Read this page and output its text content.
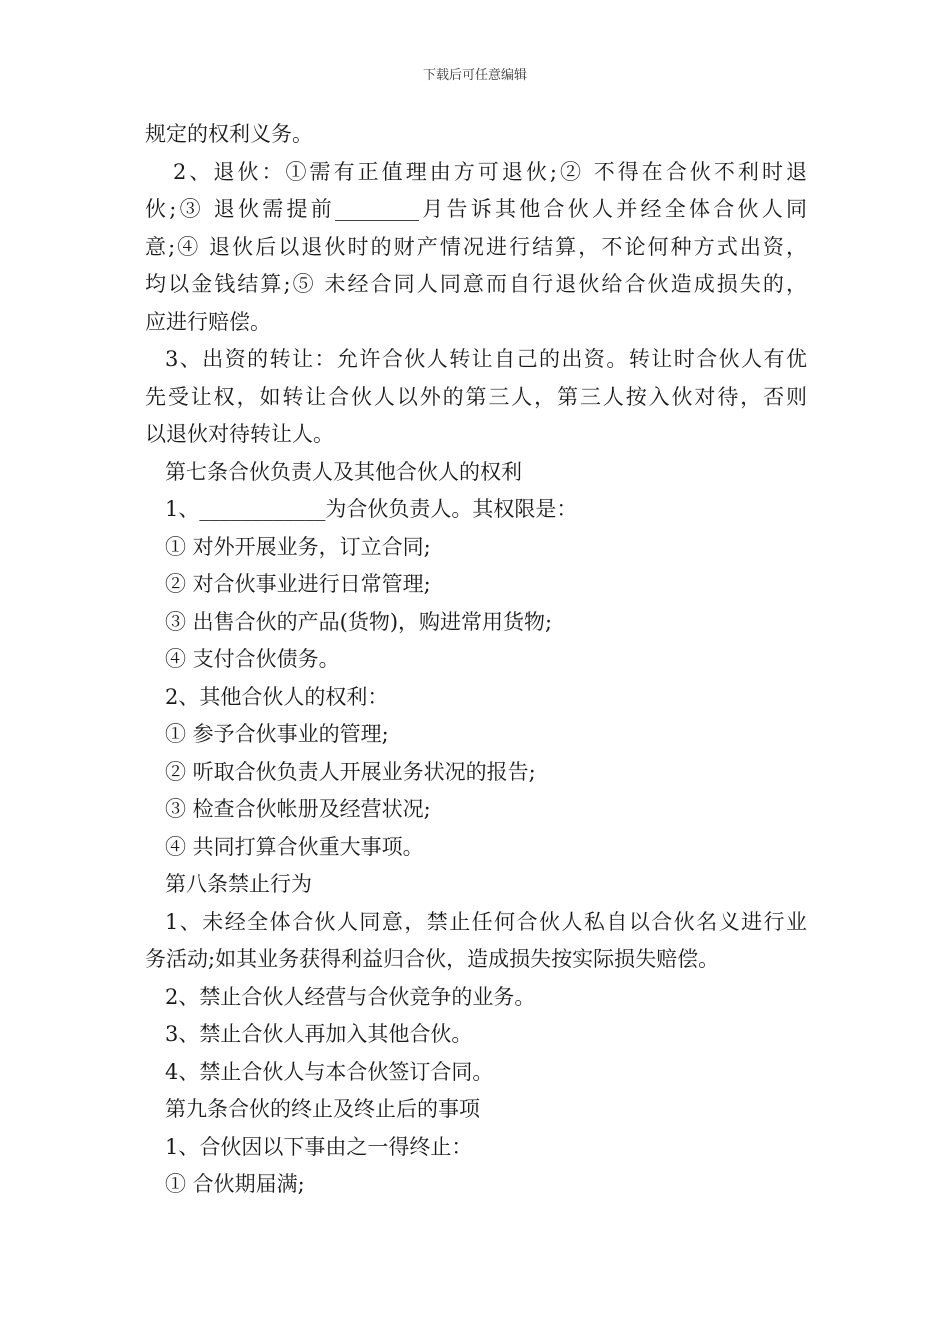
下载后可任意编辑
规定的权利义务。
2、退伙：①需有正值理由方可退伙;② 不得在合伙不利时退
伙;③ 退伙需提前________月告诉其他合伙人并经全体合伙人同
意;④ 退伙后以退伙时的财产情况进行结算，不论何种方式出资，
均以金钱结算;⑤ 未经合同人同意而自行退伙给合伙造成损失的，
应进行赔偿。
3、出资的转让：允许合伙人转让自己的出资。转让时合伙人有优
先受让权，如转让合伙人以外的第三人，第三人按入伙对待，否则
以退伙对待转让人。
第七条合伙负责人及其他合伙人的权利
1、____________为合伙负责人。其权限是：
① 对外开展业务，订立合同;
② 对合伙事业进行日常管理;
③ 出售合伙的产品(货物)，购进常用货物;
④ 支付合伙债务。
2、其他合伙人的权利：
① 参予合伙事业的管理;
② 听取合伙负责人开展业务状况的报告;
③ 检查合伙帐册及经营状况;
④ 共同打算合伙重大事项。
第八条禁止行为
1、未经全体合伙人同意，禁止任何合伙人私自以合伙名义进行业
务活动;如其业务获得利益归合伙，造成损失按实际损失赔偿。
2、禁止合伙人经营与合伙竞争的业务。
3、禁止合伙人再加入其他合伙。
4、禁止合伙人与本合伙签订合同。
第九条合伙的终止及终止后的事项
1、合伙因以下事由之一得终止：
① 合伙期届满;
